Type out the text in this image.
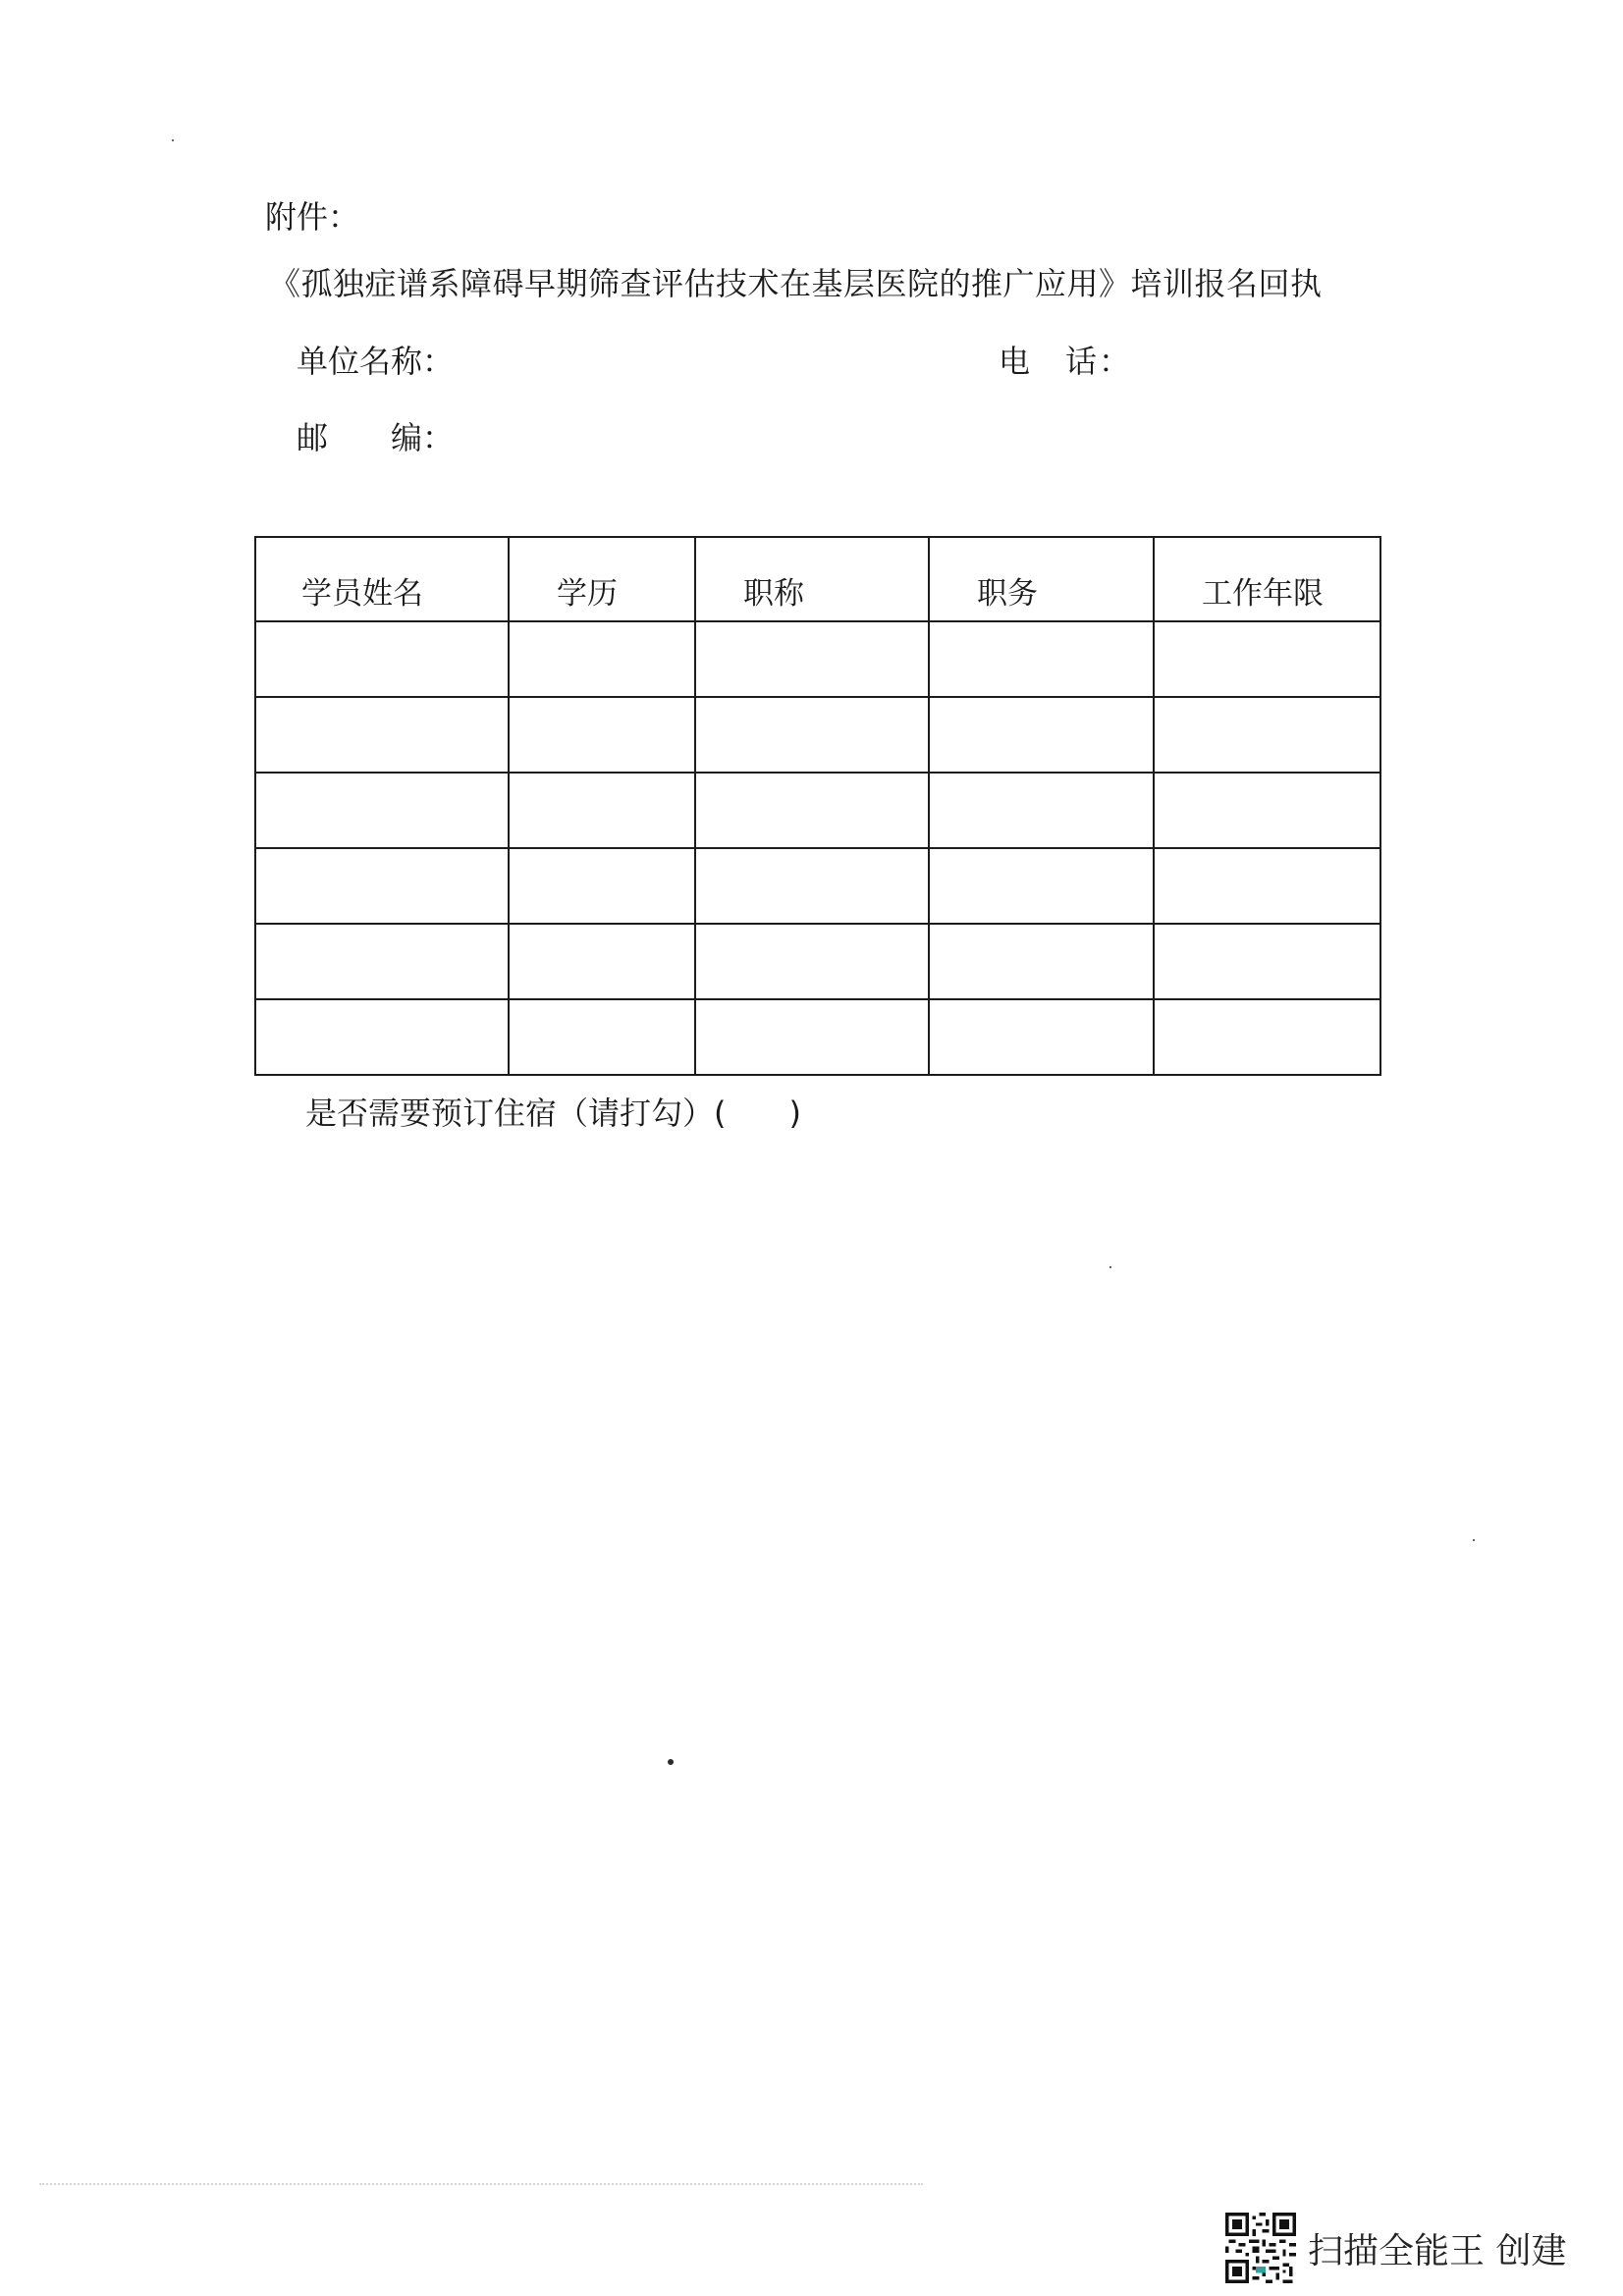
附件：
《孤独症谱系障碍早期筛查评估技术在基层医院的推广应用》培训报名回执
单位名称：	电　话：
邮　　编：
学员姓名	学历	职称	职务	工作年限

是否需要预订住宿（请打勾）(　　)
扫描全能王 创建
